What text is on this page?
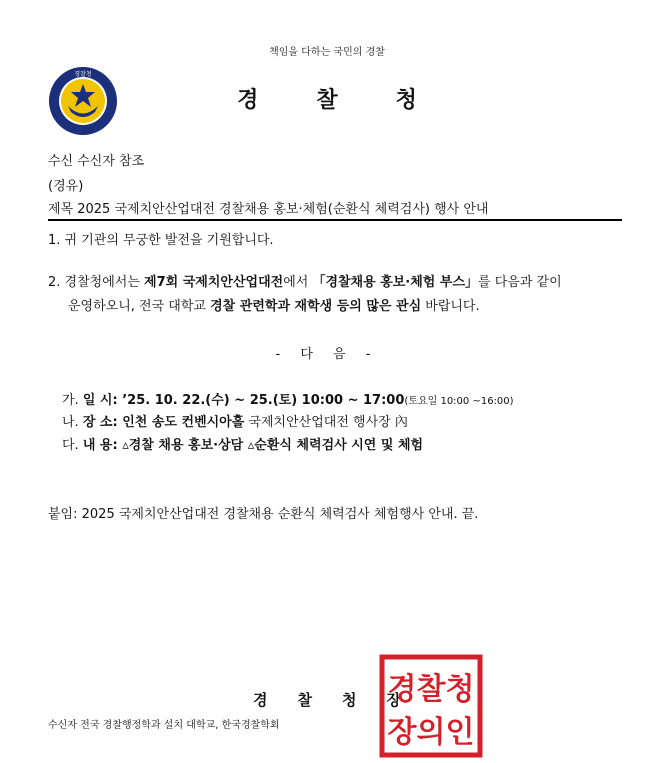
책임을 다하는 국민의 경찰
경찰청
경찰청
수신 수신자 참조
(경유)
제목 2025 국제치안산업대전 경찰채용 홍보·체험(순환식 체력검사) 행사 안내
1. 귀 기관의 무궁한 발전을 기원합니다.
2. 경찰청에서는 제7회 국제치안산업대전에서 「경찰채용 홍보·체험 부스」를 다음과 같이
운영하오니, 전국 대학교 경찰 관련학과 재학생 등의 많은 관심 바랍니다.
- 다 음 -
가. 일 시: ’25. 10. 22.(수) ~ 25.(토) 10:00 ~ 17:00(토요일 10:00 ~16:00)
나. 장 소: 인천 송도 컨벤시아홀 국제치안산업대전 행사장 內
다. 내 용: ▵경찰 채용 홍보·상담 ▵순환식 체력검사 시연 및 체험
붙임: 2025 국제치안산업대전 경찰채용 순환식 체력검사 체험행사 안내. 끝.
경찰청장
수신자 전국 경찰행정학과 설치 대학교, 한국경찰학회
경찰청
장의인
